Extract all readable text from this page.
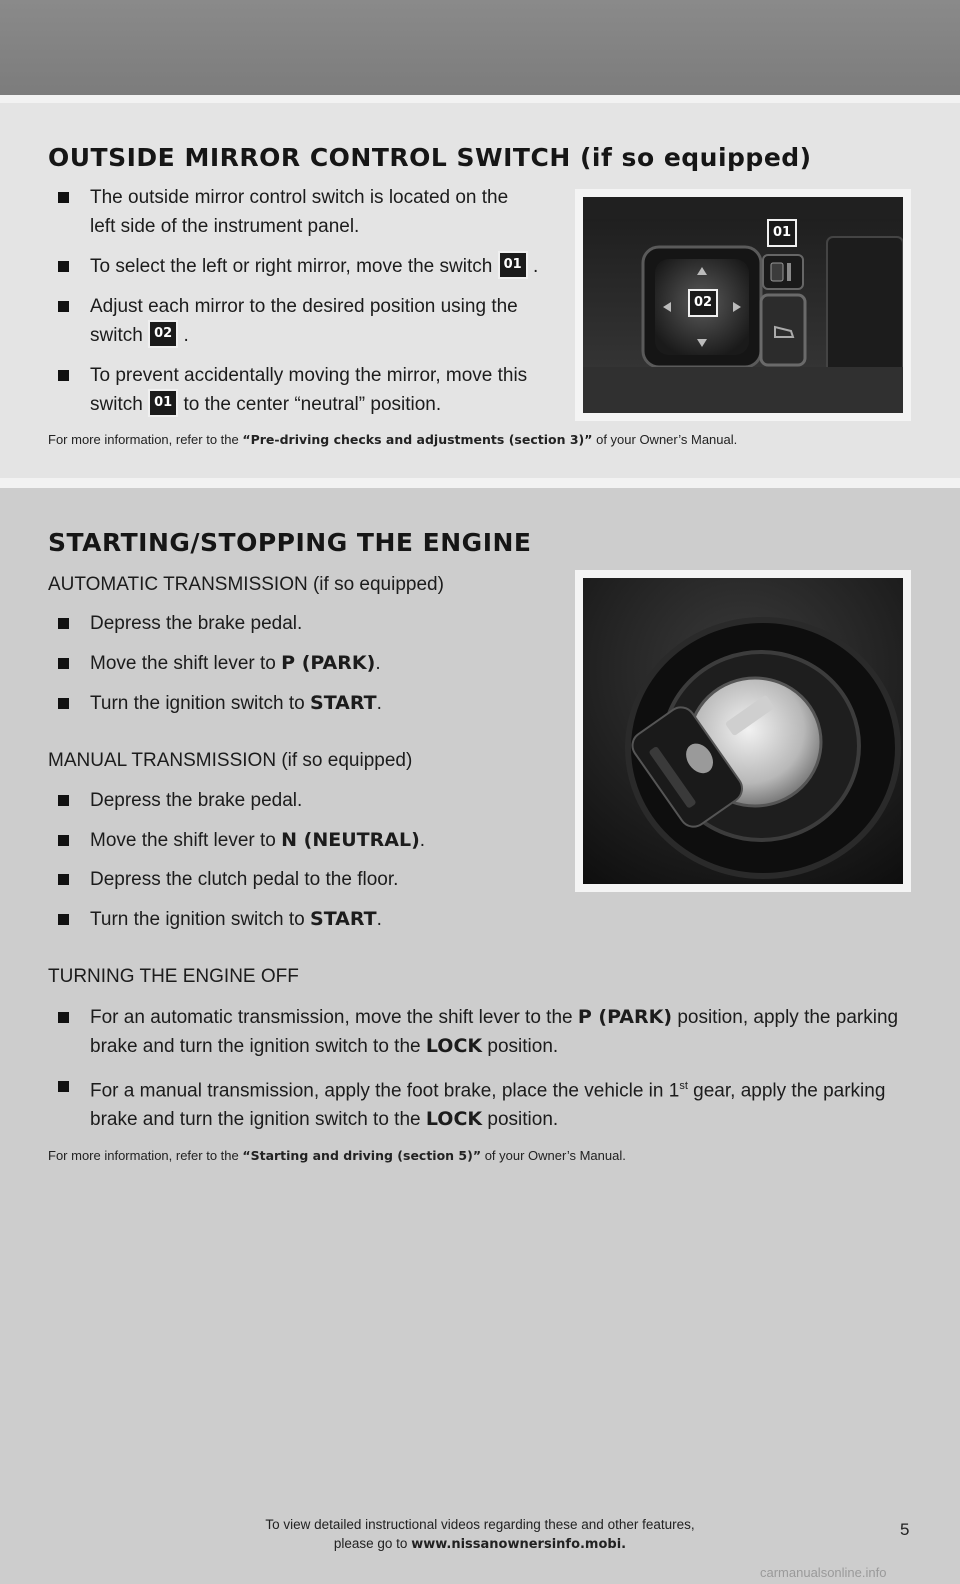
OUTSIDE MIRROR CONTROL SWITCH (if so equipped)
The outside mirror control switch is located on the
left side of the instrument panel.
To select the left or right mirror, move the switch 01 .
Adjust each mirror to the desired position using the
switch 02 .
To prevent accidentally moving the mirror, move this
switch 01 to the center “neutral” position.
For more information, refer to the “Pre-driving checks and adjustments (section 3)” of your Owner’s Manual.
01
02
STARTING/STOPPING THE ENGINE
AUTOMATIC TRANSMISSION (if so equipped)
Depress the brake pedal.
Move the shift lever to P (PARK).
Turn the ignition switch to START.
MANUAL TRANSMISSION (if so equipped)
Depress the brake pedal.
Move the shift lever to N (NEUTRAL).
Depress the clutch pedal to the floor.
Turn the ignition switch to START.
TURNING THE ENGINE OFF
For an automatic transmission, move the shift lever to the P (PARK) position, apply the parking
brake and turn the ignition switch to the LOCK position.
For a manual transmission, apply the foot brake, place the vehicle in 1st gear, apply the parking
brake and turn the ignition switch to the LOCK position.
For more information, refer to the “Starting and driving (section 5)” of your Owner’s Manual.
To view detailed instructional videos regarding these and other features,
please go to www.nissanownersinfo.mobi.
5
carmanualsonline.info
